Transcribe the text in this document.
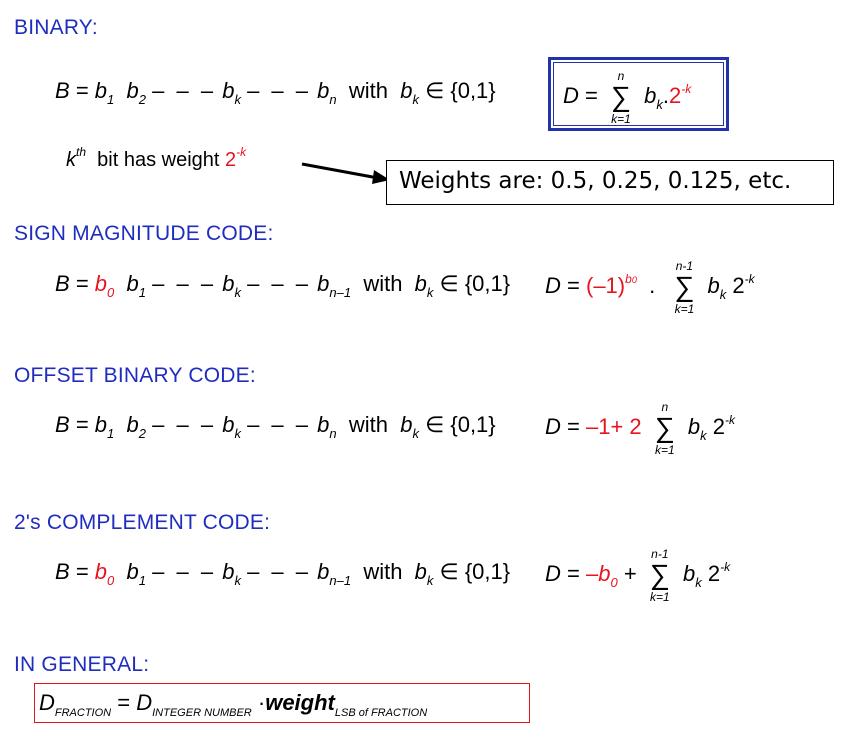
BINARY:
$B = b_1$ $b_2$ – – – $b_k$ – – – $b_n$ with $b_k$ ∈ {0,1}	D =
n
∑
k=1
$b_k.2^{-k}$
$k^{th}$ bit has weight $2^{-k}$
Weights are: 0.5, 0.25, 0.125, etc.
SIGN MAGNITUDE CODE:
$B = b_0$ $b_1$ – – – $b_k$ – – – $b_{n-1}$ with $b_k$ ∈ {0,1} $D = (-1)^{b0}$ .
n-1
∑
k=1
$b_k$ $2^{-k}$
OFFSET BINARY CODE:
$B = b_1$ $b_2$ – – – $b_k$ – – – $b_n$ with $b_k$ ∈ {0,1} D = –1+ 2
n
∑
k=1
$b_k$ $2^{-k}$
2's COMPLEMENT CODE:
$B = b_0$ $b_1$ – – – $b_k$ – – – $b_{n-1}$ with $b_k$ ∈ {0,1} $D = -b_0$ +
n-1
∑
k=1
$b_k$ $2^{-k}$
IN GENERAL:
$D_{FRACTION} = D_{INTEGER NUMBER}$ ·weight$_{LSB of FRACTION}$
